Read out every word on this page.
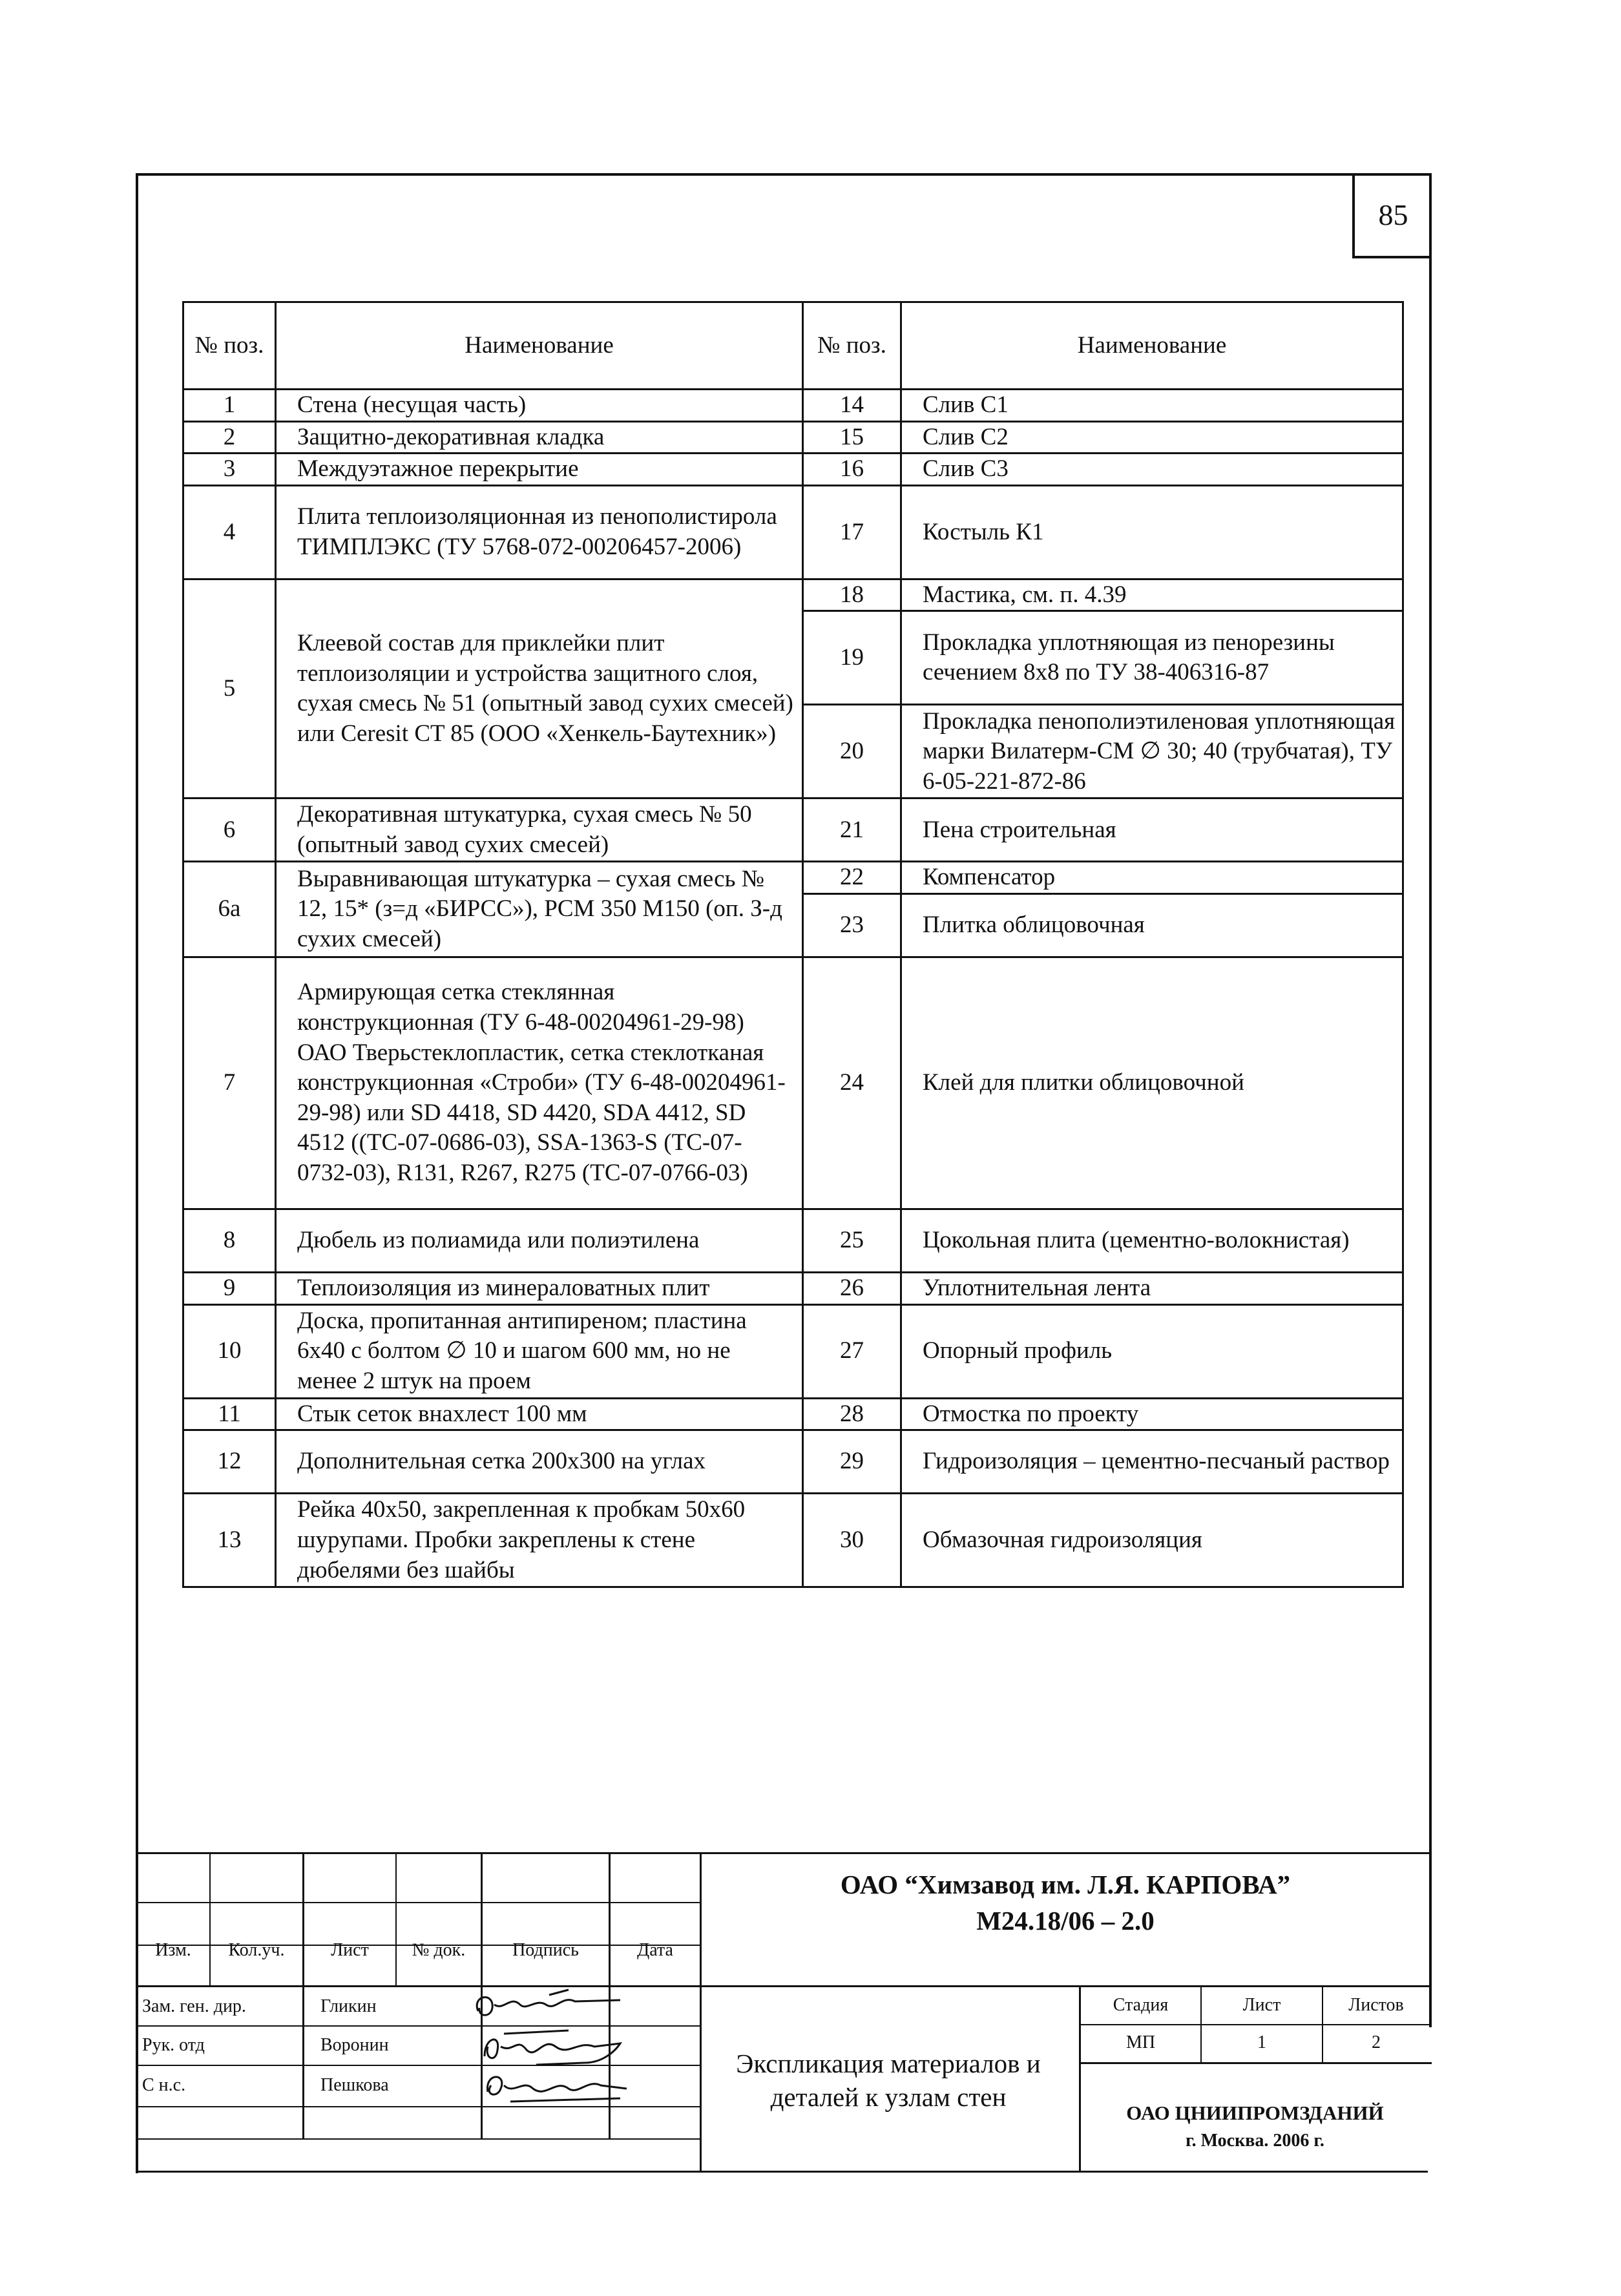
85
№ поз.	Наименование	№ поз.	Наименование
1	Стена (несущая часть)	14	Слив С1
2	Защитно-декоративная кладка	15	Слив С2
3	Междуэтажное перекрытие	16	Слив С3
4	Плита теплоизоляционная из пенополистирола ТИМПЛЭКС (ТУ 5768-072-00206457-2006)	17	Костыль К1
5	Клеевой состав для приклейки плит теплоизоляции и устройства защитного слоя, сухая смесь № 51 (опытный завод сухих смесей) или Ceresit CT 85 (ООО «Хенкель-Баутехник»)	18	Мастика, см. п. 4.39
		19	Прокладка уплотняющая из пенорезины сечением 8х8 по ТУ 38-406316-87
		20	Прокладка пенополиэтиленовая уплотняющая марки Вилатерм-СМ ∅ 30; 40 (трубчатая), ТУ 6-05-221-872-86
6	Декоративная штукатурка, сухая смесь № 50 (опытный завод сухих смесей)	21	Пена строительная
6а	Выравнивающая штукатурка – сухая смесь № 12, 15* (з=д «БИРСС»), PCM 350 M150 (оп. З-д сухих смесей)	22	Компенсатор
		23	Плитка облицовочная
7	Армирующая сетка стеклянная конструкционная (ТУ 6-48-00204961-29-98) ОАО Тверьстеклопластик, сетка стеклотканая конструкционная «Строби» (ТУ 6-48-00204961-29-98) или SD 4418, SD 4420, SDA 4412, SD 4512 ((ТС-07-0686-03), SSA-1363-S (ТС-07-0732-03), R131, R267, R275 (ТС-07-0766-03)	24	Клей для плитки облицовочной
8	Дюбель из полиамида или полиэтилена	25	Цокольная плита (цементно-волокнистая)
9	Теплоизоляция из минераловатных плит	26	Уплотнительная лента
10	Доска, пропитанная антипиреном; пластина 6х40 с болтом ∅ 10 и шагом 600 мм, но не менее 2 штук на проем	27	Опорный профиль
11	Стык сеток внахлест 100 мм	28	Отмостка по проекту
12	Дополнительная сетка 200х300 на углах	29	Гидроизоляция – цементно-песчаный раствор
13	Рейка 40х50, закрепленная к пробкам 50х60 шурупами. Пробки закреплены к стене дюбелями без шайбы	30	Обмазочная гидроизоляция
Изм.	Кол.уч.	Лист	№ док.	Подпись	Дата
Зам. ген. дир.	Гликин
Рук. отд	Воронин
С н.с.	Пешкова
ОАО “Химзавод им. Л.Я. КАРПОВА”
М24.18/06 – 2.0
Экспликация материалов и деталей к узлам стен
Стадия	Лист	Листов
МП	1	2
ОАО ЦНИИПРОМЗДАНИЙ
г. Москва. 2006 г.
